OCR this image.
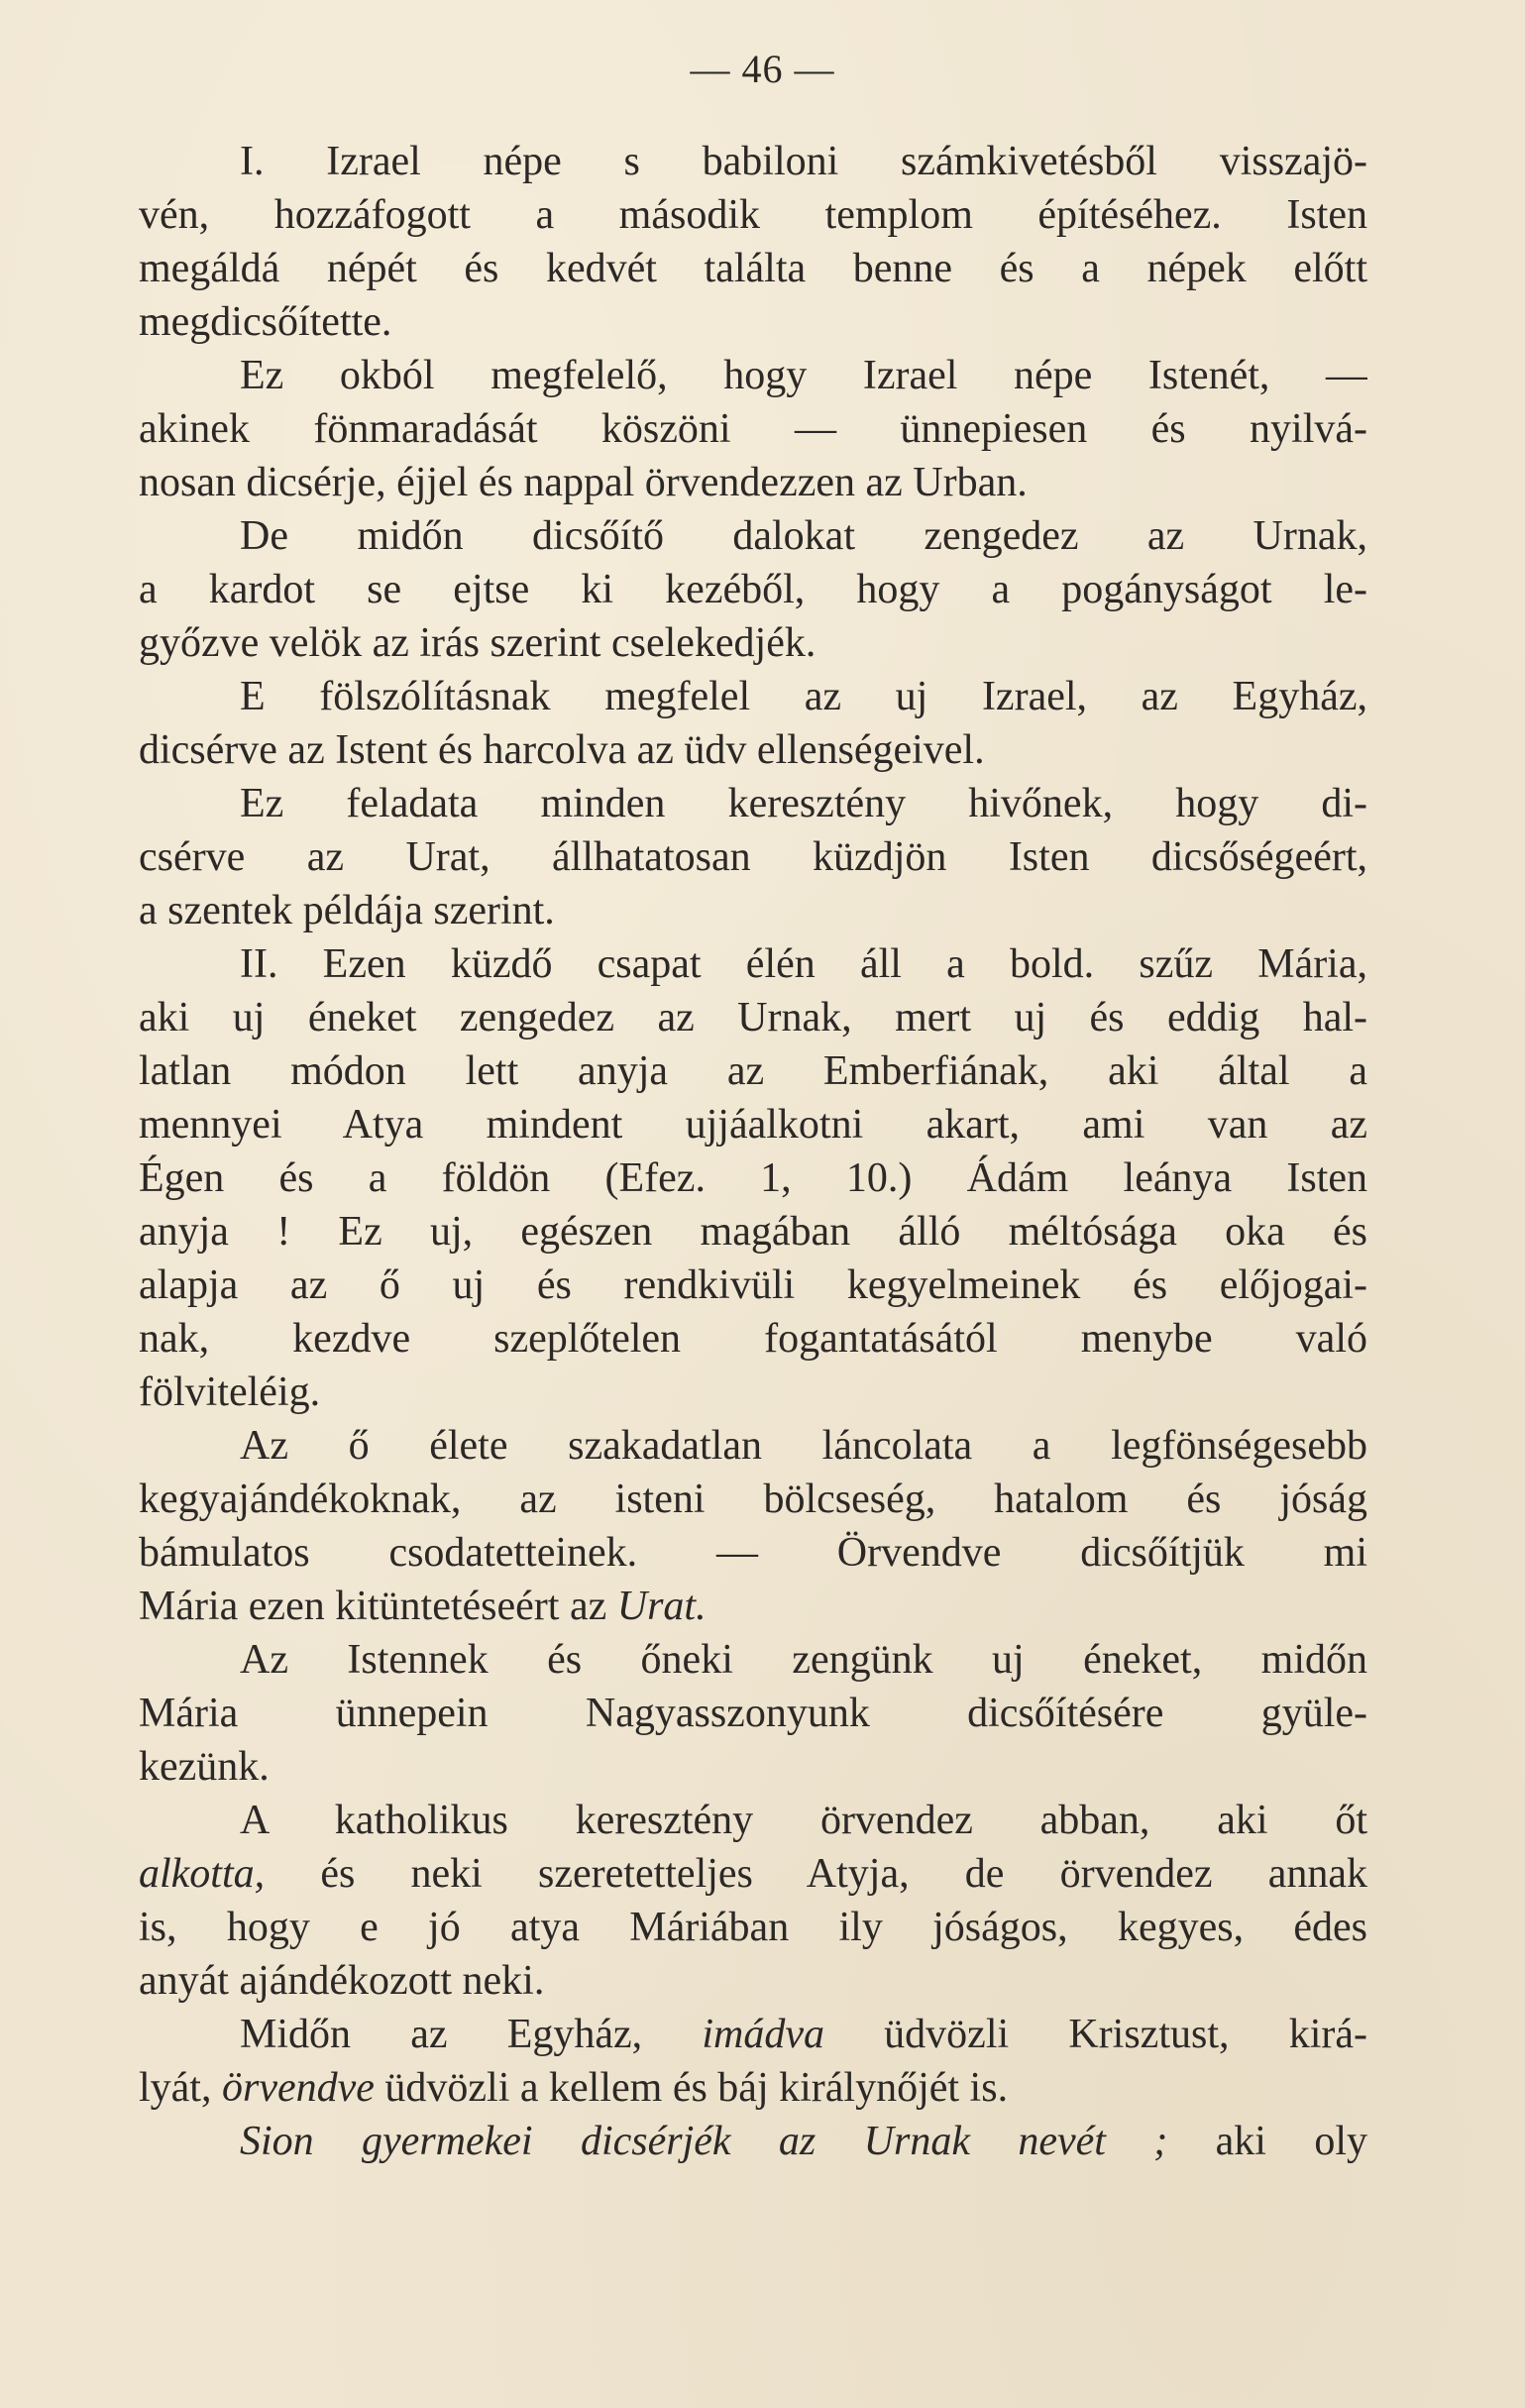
— 46 —
I. Izrael népe s babiloni számkivetésből visszajö-
vén, hozzáfogott a második templom építéséhez. Isten
megáldá népét és kedvét találta benne és a népek előtt
megdicsőítette.
Ez okból megfelelő, hogy Izrael népe Istenét, —
akinek fönmaradását köszöni — ünnepiesen és nyilvá-
nosan dicsérje, éjjel és nappal örvendezzen az Urban.
De midőn dicsőítő dalokat zengedez az Urnak,
a kardot se ejtse ki kezéből, hogy a pogányságot le-
győzve velök az irás szerint cselekedjék.
E fölszólításnak megfelel az uj Izrael, az Egyház,
dicsérve az Istent és harcolva az üdv ellenségeivel.
Ez feladata minden keresztény hivőnek, hogy di-
csérve az Urat, állhatatosan küzdjön Isten dicsőségeért,
a szentek példája szerint.
II. Ezen küzdő csapat élén áll a bold. szűz Mária,
aki uj éneket zengedez az Urnak, mert uj és eddig hal-
latlan módon lett anyja az Emberfiának, aki által a
mennyei Atya mindent ujjáalkotni akart, ami van az
Égen és a földön (Efez. 1, 10.) Ádám leánya Isten
anyja ! Ez uj, egészen magában álló méltósága oka és
alapja az ő uj és rendkivüli kegyelmeinek és előjogai-
nak, kezdve szeplőtelen fogantatásától menybe való
fölviteléig.
Az ő élete szakadatlan láncolata a legfönségesebb
kegyajándékoknak, az isteni bölcseség, hatalom és jóság
bámulatos csodatetteinek. — Örvendve dicsőítjük mi
Mária ezen kitüntetéseért az Urat.
Az Istennek és őneki zengünk uj éneket, midőn
Mária ünnepein Nagyasszonyunk dicsőítésére gyüle-
kezünk.
A katholikus keresztény örvendez abban, aki őt
alkotta, és neki szeretetteljes Atyja, de örvendez annak
is, hogy e jó atya Máriában ily jóságos, kegyes, édes
anyát ajándékozott neki.
Midőn az Egyház, imádva üdvözli Krisztust, kirá-
lyát, örvendve üdvözli a kellem és báj királynőjét is.
Sion gyermekei dicsérjék az Urnak nevét ; aki oly
